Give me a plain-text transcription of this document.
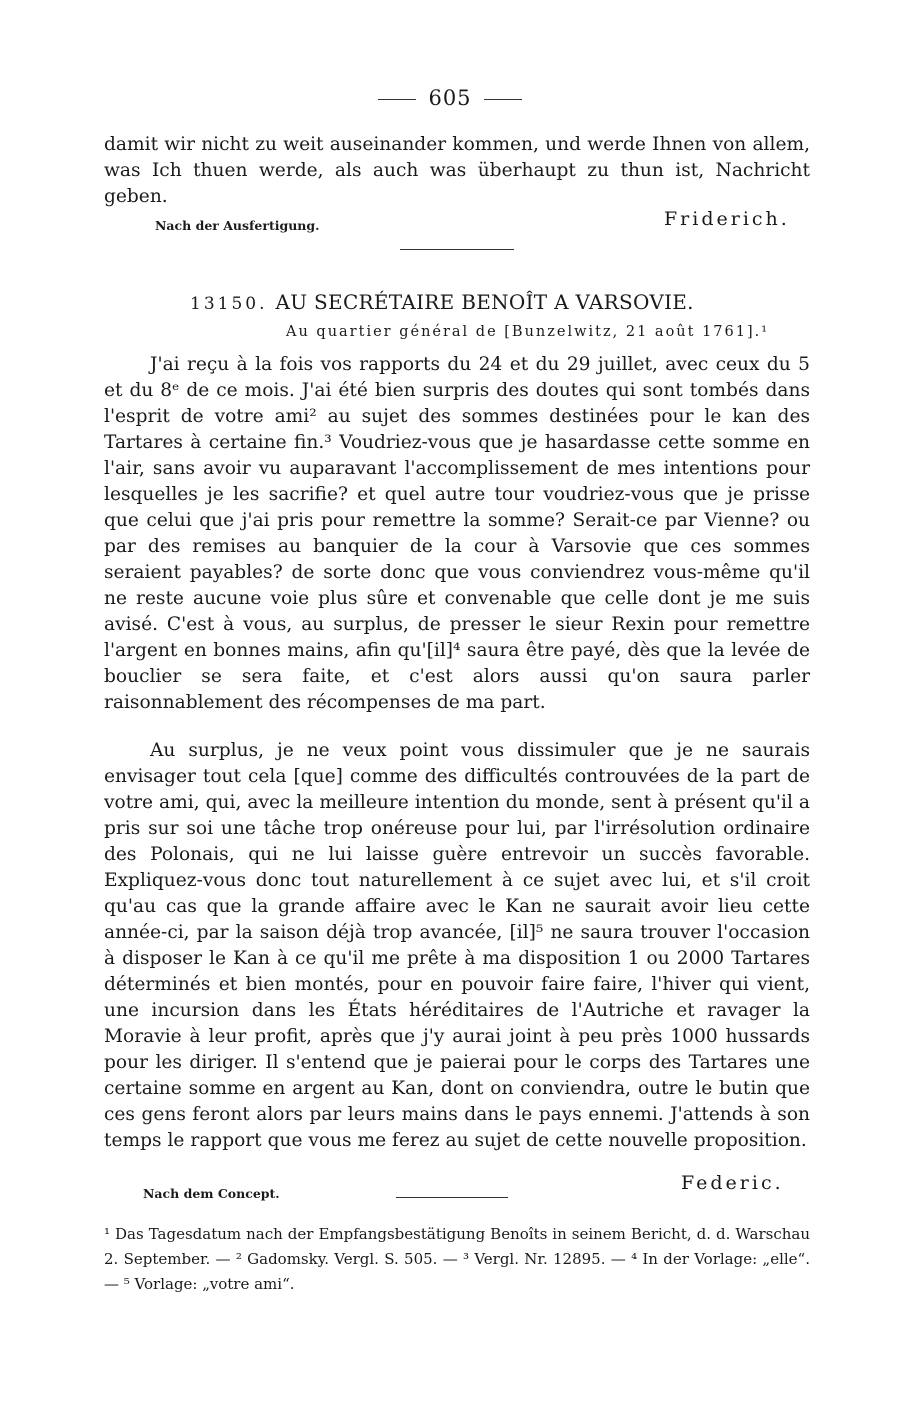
605

damit wir nicht zu weit auseinander kommen, und werde Ihnen von allem, was Ich thuen werde, als auch was überhaupt zu thun ist, Nachricht geben.

Nach der Ausfertigung.	Friderich.
13150. AU SECRÉTAIRE BENOÎT A VARSOVIE.
Au quartier général de [Bunzelwitz, 21 août 1761].¹

J'ai reçu à la fois vos rapports du 24 et du 29 juillet, avec ceux du 5 et du 8ᵉ de ce mois. J'ai été bien surpris des doutes qui sont tombés dans l'esprit de votre ami² au sujet des sommes destinées pour le kan des Tartares à certaine fin.³ Voudriez-vous que je hasardasse cette somme en l'air, sans avoir vu auparavant l'accomplissement de mes intentions pour lesquelles je les sacrifie? et quel autre tour voudriez-vous que je prisse que celui que j'ai pris pour remettre la somme? Serait-ce par Vienne? ou par des remises au banquier de la cour à Varsovie que ces sommes seraient payables? de sorte donc que vous conviendrez vous-même qu'il ne reste aucune voie plus sûre et convenable que celle dont je me suis avisé. C'est à vous, au surplus, de presser le sieur Rexin pour remettre l'argent en bonnes mains, afin qu'[il]⁴ saura être payé, dès que la levée de bouclier se sera faite, et c'est alors aussi qu'on saura parler raisonnablement des récompenses de ma part.

Au surplus, je ne veux point vous dissimuler que je ne saurais envisager tout cela [que] comme des difficultés controuvées de la part de votre ami, qui, avec la meilleure intention du monde, sent à présent qu'il a pris sur soi une tâche trop onéreuse pour lui, par l'irrésolution ordinaire des Polonais, qui ne lui laisse guère entrevoir un succès favorable. Expliquez-vous donc tout naturellement à ce sujet avec lui, et s'il croit qu'au cas que la grande affaire avec le Kan ne saurait avoir lieu cette année-ci, par la saison déjà trop avancée, [il]⁵ ne saura trouver l'occasion à disposer le Kan à ce qu'il me prête à ma disposition 1 ou 2000 Tartares déterminés et bien montés, pour en pouvoir faire faire, l'hiver qui vient, une incursion dans les États héréditaires de l'Autriche et ravager la Moravie à leur profit, après que j'y aurai joint à peu près 1000 hussards pour les diriger. Il s'entend que je paierai pour le corps des Tartares une certaine somme en argent au Kan, dont on conviendra, outre le butin que ces gens feront alors par leurs mains dans le pays ennemi. J'attends à son temps le rapport que vous me ferez au sujet de cette nouvelle proposition.

Nach dem Concept.	Federic.
¹ Das Tagesdatum nach der Empfangsbestätigung Benoîts in seinem Bericht, d. d. Warschau 2. September. — ² Gadomsky. Vergl. S. 505. — ³ Vergl. Nr. 12895. — ⁴ In der Vorlage: „elle“. — ⁵ Vorlage: „votre ami“.
